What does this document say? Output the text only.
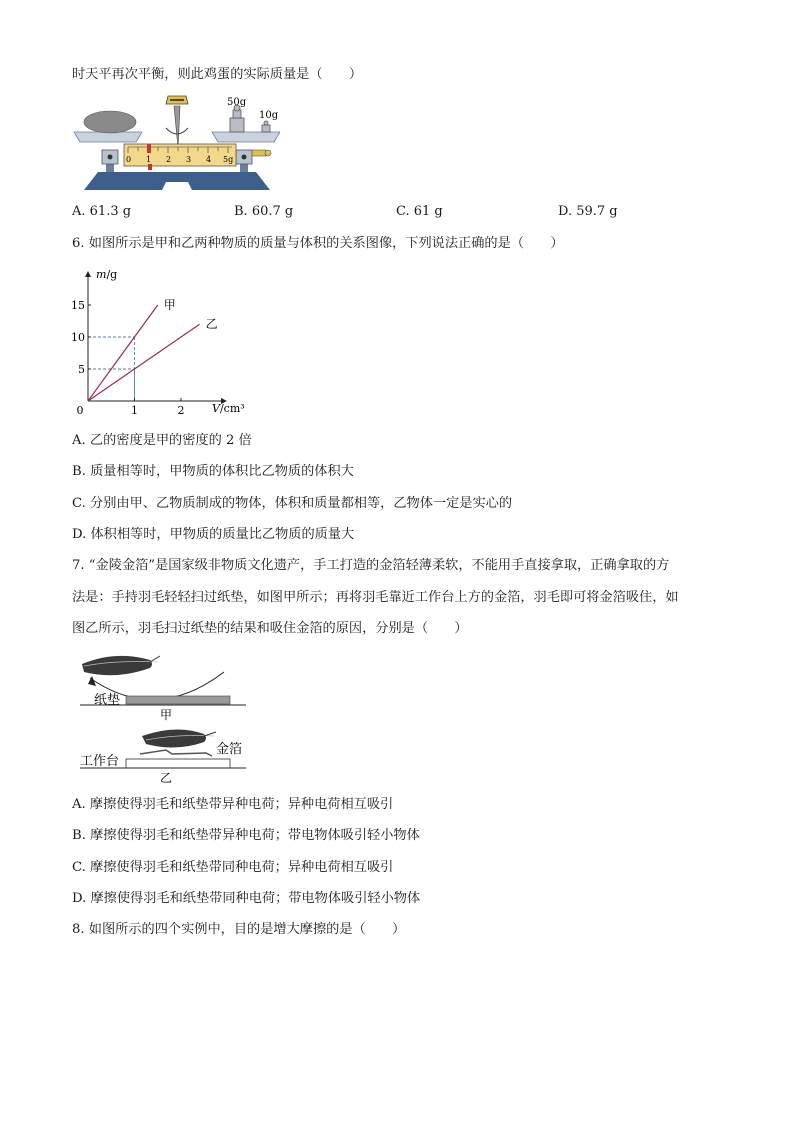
时天平再次平衡，则此鸡蛋的实际质量是（　　）
0 1 2 3 4 5g
50g
10g
A. 61.3 g	B. 60.7 g	C. 61 g	D. 59.7 g
6. 如图所示是甲和乙两种物质的质量与体积的关系图像，下列说法正确的是（　　）
0	1	2
5
10
15
m/g
V/cm³
甲
乙
A. 乙的密度是甲的密度的 2 倍
B. 质量相等时，甲物质的体积比乙物质的体积大
C. 分别由甲、乙物质制成的物体，体积和质量都相等，乙物体一定是实心的
D. 体积相等时，甲物质的质量比乙物质的质量大
7. “金陵金箔”是国家级非物质文化遗产，手工打造的金箔轻薄柔软，不能用手直接拿取，正确拿取的方
法是：手持羽毛轻轻扫过纸垫，如图甲所示；再将羽毛靠近工作台上方的金箔，羽毛即可将金箔吸住，如
图乙所示，羽毛扫过纸垫的结果和吸住金箔的原因，分别是（　　）
纸垫
甲
工作台
金箔
乙
A. 摩擦使得羽毛和纸垫带异种电荷；异种电荷相互吸引
B. 摩擦使得羽毛和纸垫带异种电荷；带电物体吸引轻小物体
C. 摩擦使得羽毛和纸垫带同种电荷；异种电荷相互吸引
D. 摩擦使得羽毛和纸垫带同种电荷；带电物体吸引轻小物体
8. 如图所示的四个实例中，目的是增大摩擦的是（　　）
